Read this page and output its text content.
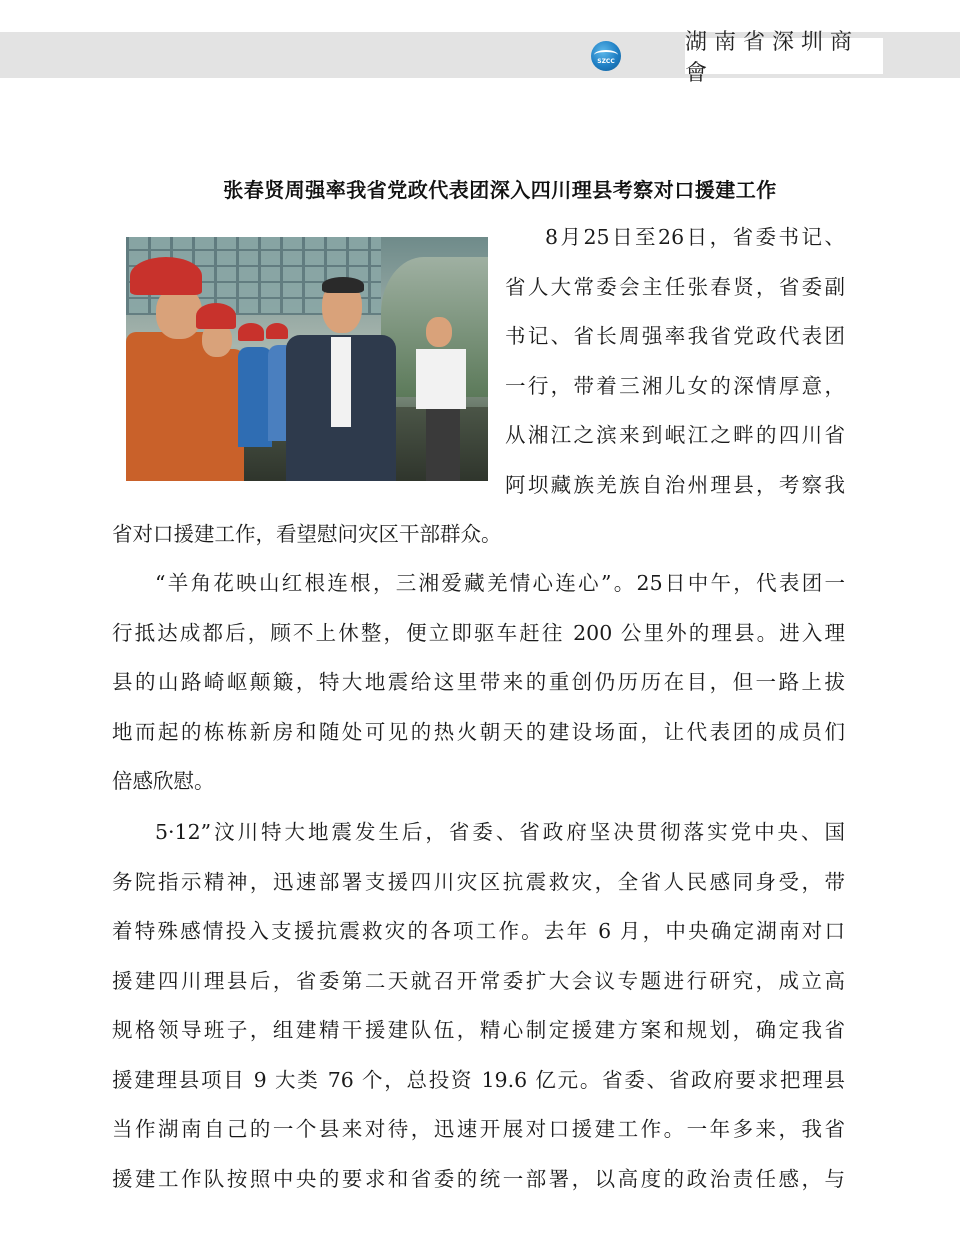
SZCC
湖南省深圳商會
张春贤周强率我省党政代表团深入四川理县考察对口援建工作
8月25日至26日，省委书记、
省人大常委会主任张春贤，省委副
书记、省长周强率我省党政代表团
一行，带着三湘儿女的深情厚意，
从湘江之滨来到岷江之畔的四川省
阿坝藏族羌族自治州理县，考察我
省对口援建工作，看望慰问灾区干部群众。
“羊角花映山红根连根，三湘爱藏羌情心连心”。25日中午，代表团一
行抵达成都后，顾不上休整，便立即驱车赶往 200 公里外的理县。进入理
县的山路崎岖颠簸，特大地震给这里带来的重创仍历历在目，但一路上拔
地而起的栋栋新房和随处可见的热火朝天的建设场面，让代表团的成员们
倍感欣慰。
5·12”汶川特大地震发生后，省委、省政府坚决贯彻落实党中央、国
务院指示精神，迅速部署支援四川灾区抗震救灾，全省人民感同身受，带
着特殊感情投入支援抗震救灾的各项工作。去年 6 月，中央确定湖南对口
援建四川理县后，省委第二天就召开常委扩大会议专题进行研究，成立高
规格领导班子，组建精干援建队伍，精心制定援建方案和规划，确定我省
援建理县项目 9 大类 76 个，总投资 19.6 亿元。省委、省政府要求把理县
当作湖南自己的一个县来对待，迅速开展对口援建工作。一年多来，我省
援建工作队按照中央的要求和省委的统一部署，以高度的政治责任感，与
